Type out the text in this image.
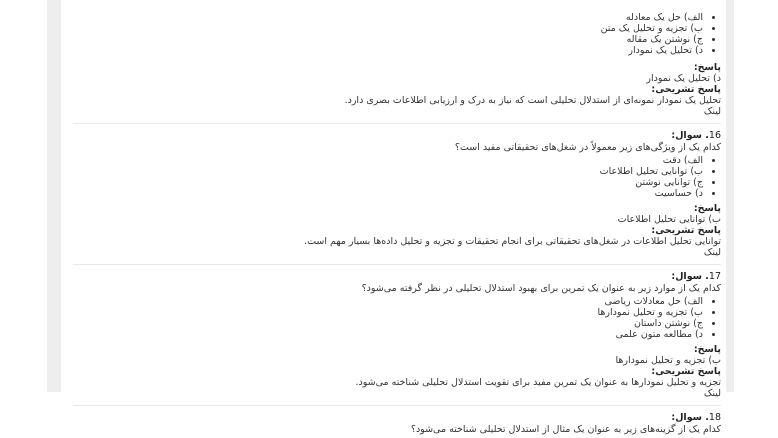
• الف) حل یک معادله
• ب) تجزیه و تحلیل یک متن
• ج) نوشتن یک مقاله
• د) تحلیل یک نمودار
پاسخ:
د) تحلیل یک نمودار
پاسخ تشریحی:
تحلیل یک نمودار نمونه‌ای از استدلال تحلیلی است که نیاز به درک و ارزیابی اطلاعات بصری دارد.
لینک
16. سوال:
کدام یک از ویژگی‌های زیر معمولاً در شغل‌های تحقیقاتی مفید است؟
• الف) دقت
• ب) توانایی تحلیل اطلاعات
• ج) توانایی نوشتن
• د) حساسیت
پاسخ:
ب) توانایی تحلیل اطلاعات
پاسخ تشریحی:
توانایی تحلیل اطلاعات در شغل‌های تحقیقاتی برای انجام تحقیقات و تجزیه و تحلیل داده‌ها بسیار مهم است.
لینک
17. سوال:
کدام یک از موارد زیر به عنوان یک تمرین برای بهبود استدلال تحلیلی در نظر گرفته می‌شود؟
• الف) حل معادلات ریاضی
• ب) تجزیه و تحلیل نمودارها
• ج) نوشتن داستان
• د) مطالعه متون علمی
پاسخ:
ب) تجزیه و تحلیل نمودارها
پاسخ تشریحی:
تجزیه و تحلیل نمودارها به عنوان یک تمرین مفید برای تقویت استدلال تحلیلی شناخته می‌شود.
لینک
18. سوال:
کدام یک از گزینه‌های زیر به عنوان یک مثال از استدلال تحلیلی شناخته می‌شود؟
